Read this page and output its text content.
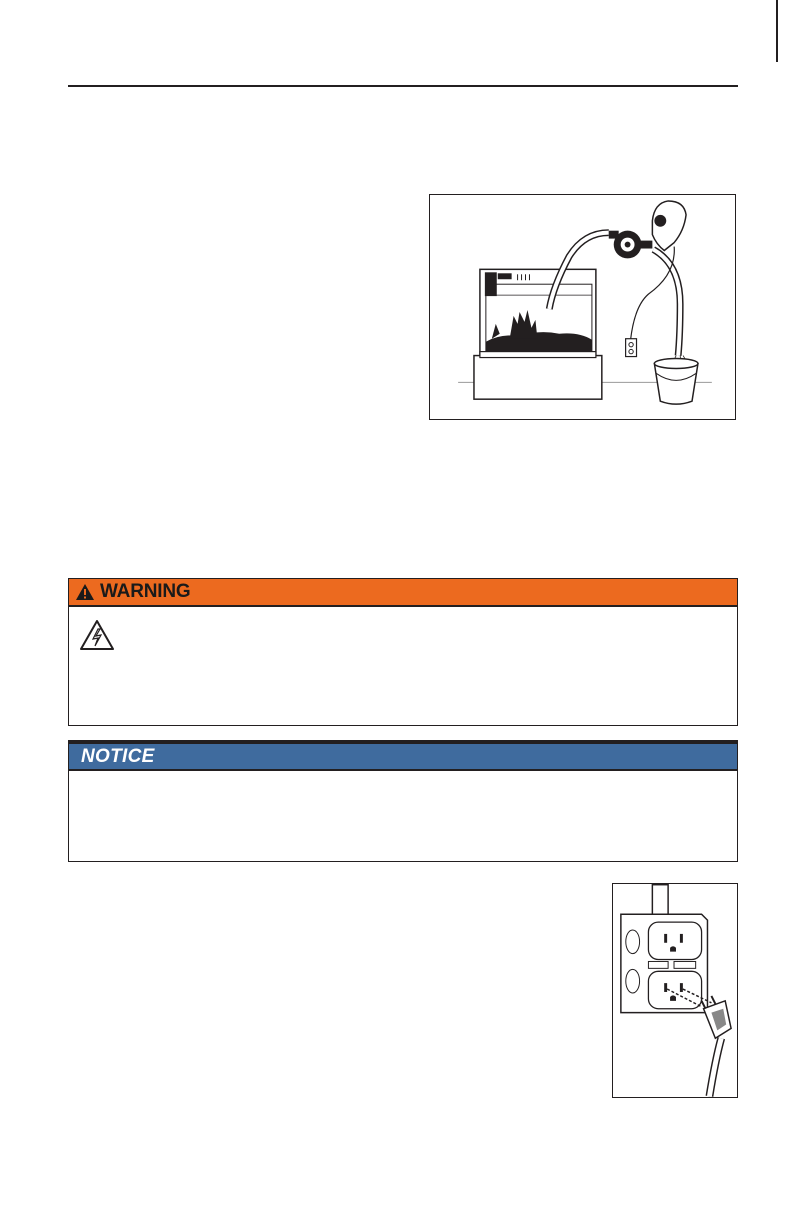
WARNING
NOTICE
